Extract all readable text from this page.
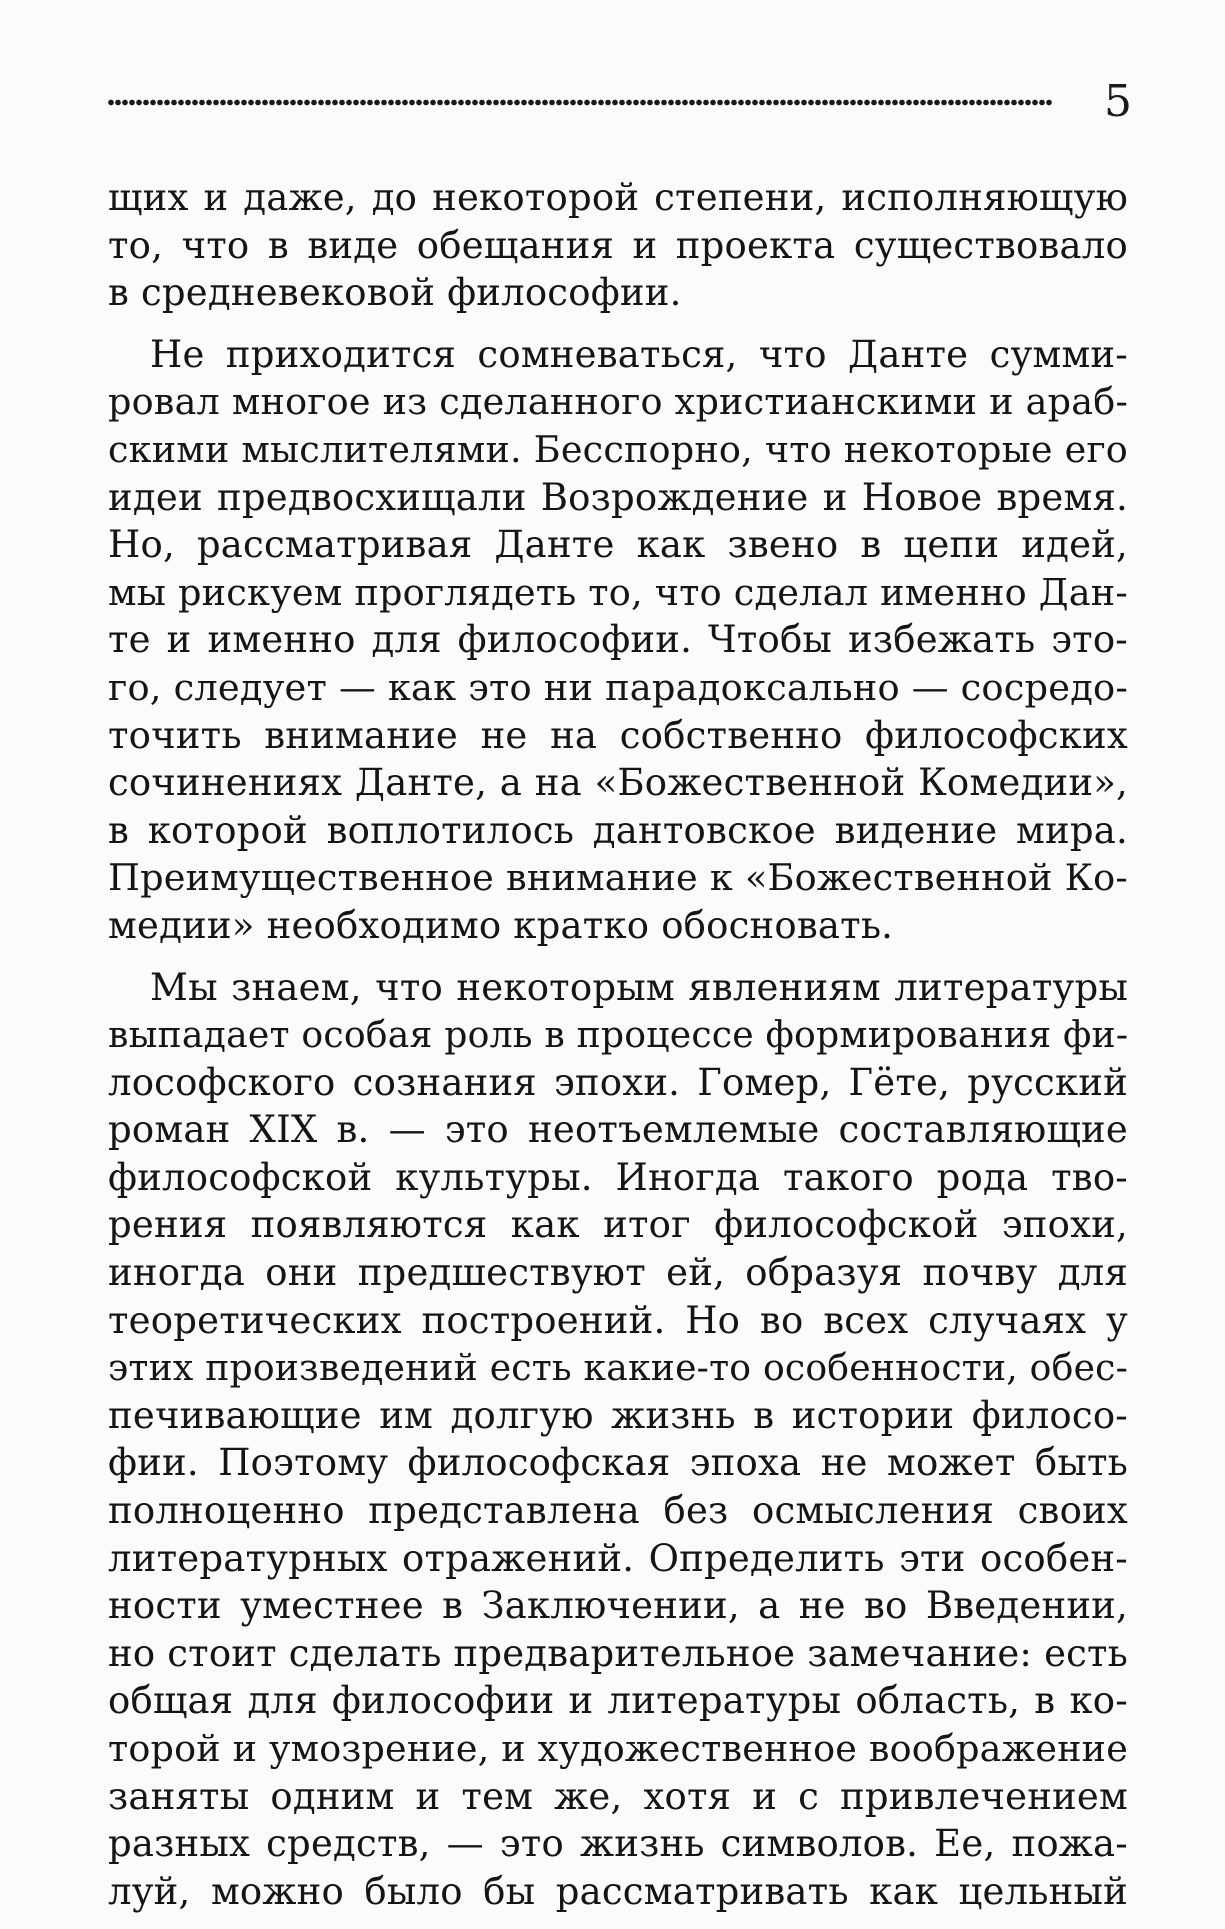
5
щих и даже, до некоторой степени, исполняющую
то, что в виде обещания и проекта существовало
в средневековой философии.
Не приходится сомневаться, что Данте сумми-
ровал многое из сделанного христианскими и араб-
скими мыслителями. Бесспорно, что некоторые его
идеи предвосхищали Возрождение и Новое время.
Но, рассматривая Данте как звено в цепи идей,
мы рискуем проглядеть то, что сделал именно Дан-
те и именно для философии. Чтобы избежать это-
го, следует — как это ни парадоксально — сосредо-
точить внимание не на собственно философских
сочинениях Данте, а на «Божественной Комедии»,
в которой воплотилось дантовское видение мира.
Преимущественное внимание к «Божественной Ко-
медии» необходимо кратко обосновать.
Мы знаем, что некоторым явлениям литературы
выпадает особая роль в процессе формирования фи-
лософского сознания эпохи. Гомер, Гёте, русский
роман XIX в. — это неотъемлемые составляющие
философской культуры. Иногда такого рода тво-
рения появляются как итог философской эпохи,
иногда они предшествуют ей, образуя почву для
теоретических построений. Но во всех случаях у
этих произведений есть какие-то особенности, обес-
печивающие им долгую жизнь в истории филосо-
фии. Поэтому философская эпоха не может быть
полноценно представлена без осмысления своих
литературных отражений. Определить эти особен-
ности уместнее в Заключении, а не во Введении,
но стоит сделать предварительное замечание: есть
общая для философии и литературы область, в ко-
торой и умозрение, и художественное воображение
заняты одним и тем же, хотя и с привлечением
разных средств, — это жизнь символов. Ее, пожа-
луй, можно было бы рассматривать как цельный
